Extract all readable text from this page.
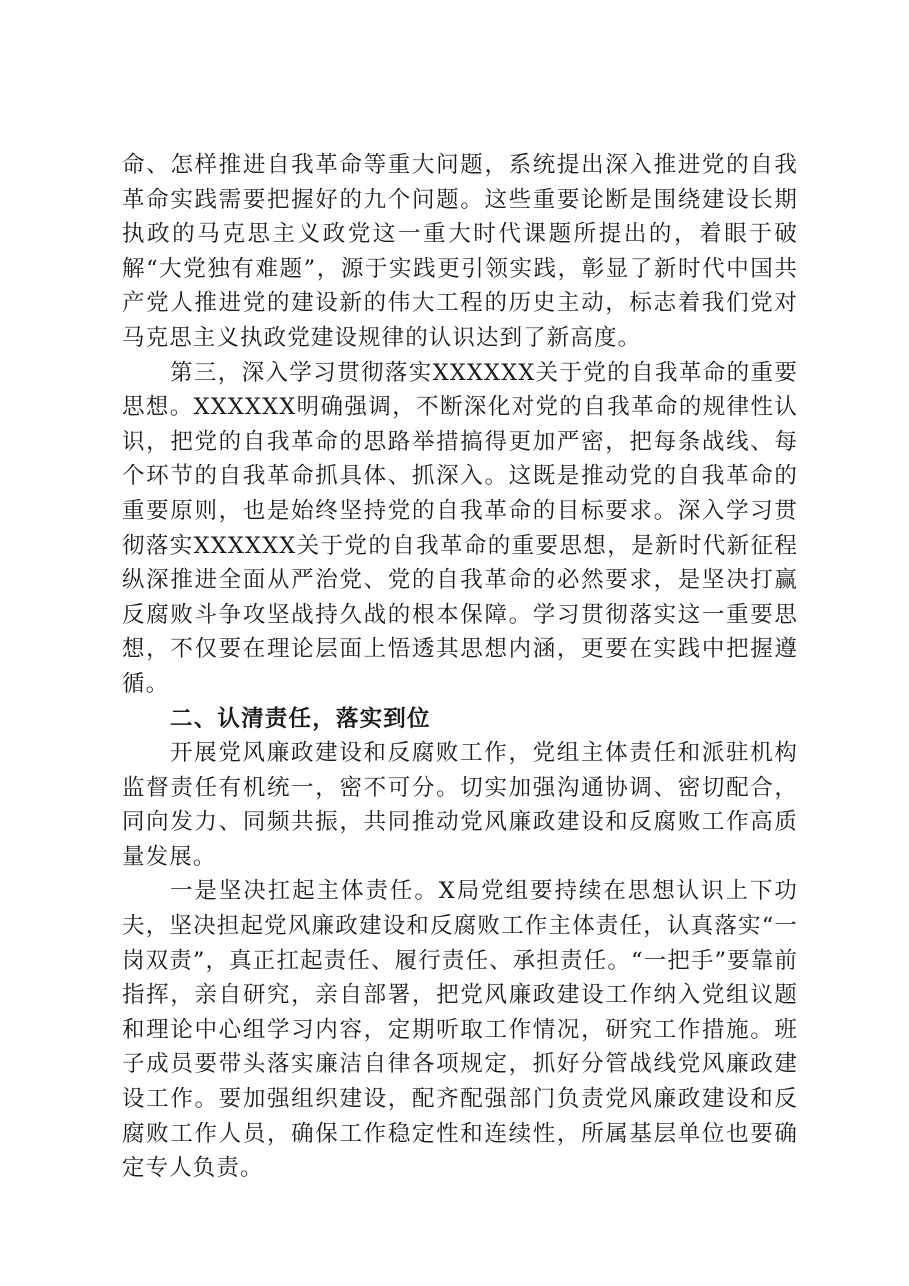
命、怎样推进自我革命等重大问题，系统提出深入推进党的自我革命实践需要把握好的九个问题。这些重要论断是围绕建设长期执政的马克思主义政党这一重大时代课题所提出的，着眼于破解“大党独有难题”，源于实践更引领实践，彰显了新时代中国共产党人推进党的建设新的伟大工程的历史主动，标志着我们党对马克思主义执政党建设规律的认识达到了新高度。

第三，深入学习贯彻落实XXXXXX关于党的自我革命的重要思想。XXXXXX明确强调，不断深化对党的自我革命的规律性认识，把党的自我革命的思路举措搞得更加严密，把每条战线、每个环节的自我革命抓具体、抓深入。这既是推动党的自我革命的重要原则，也是始终坚持党的自我革命的目标要求。深入学习贯彻落实XXXXXX关于党的自我革命的重要思想，是新时代新征程纵深推进全面从严治党、党的自我革命的必然要求，是坚决打赢反腐败斗争攻坚战持久战的根本保障。学习贯彻落实这一重要思想，不仅要在理论层面上悟透其思想内涵，更要在实践中把握遵循。

二、认清责任，落实到位

开展党风廉政建设和反腐败工作，党组主体责任和派驻机构监督责任有机统一，密不可分。切实加强沟通协调、密切配合，同向发力、同频共振，共同推动党风廉政建设和反腐败工作高质量发展。

一是坚决扛起主体责任。X局党组要持续在思想认识上下功夫，坚决担起党风廉政建设和反腐败工作主体责任，认真落实“一岗双责”，真正扛起责任、履行责任、承担责任。“一把手”要靠前指挥，亲自研究，亲自部署，把党风廉政建设工作纳入党组议题和理论中心组学习内容，定期听取工作情况，研究工作措施。班子成员要带头落实廉洁自律各项规定，抓好分管战线党风廉政建设工作。要加强组织建设，配齐配强部门负责党风廉政建设和反腐败工作人员，确保工作稳定性和连续性，所属基层单位也要确定专人负责。
